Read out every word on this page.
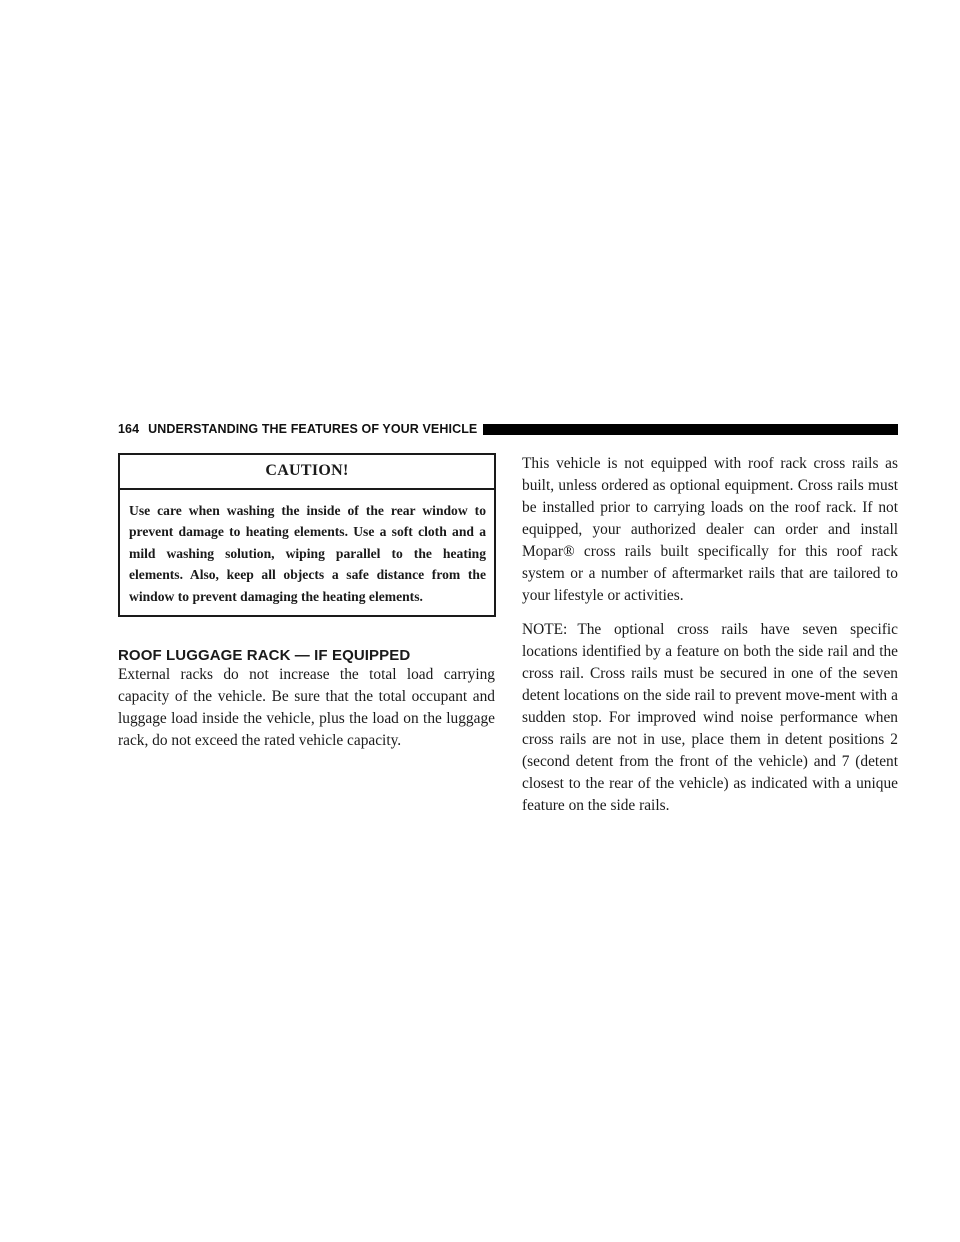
164 UNDERSTANDING THE FEATURES OF YOUR VEHICLE
CAUTION!

Use care when washing the inside of the rear window to prevent damage to heating elements. Use a soft cloth and a mild washing solution, wiping parallel to the heating elements. Also, keep all objects a safe distance from the window to prevent damaging the heating elements.

ROOF LUGGAGE RACK — IF EQUIPPED

External racks do not increase the total load carrying capacity of the vehicle. Be sure that the total occupant and luggage load inside the vehicle, plus the load on the luggage rack, do not exceed the rated vehicle capacity.

This vehicle is not equipped with roof rack cross rails as built, unless ordered as optional equipment. Cross rails must be installed prior to carrying loads on the roof rack. If not equipped, your authorized dealer can order and install Mopar® cross rails built specifically for this roof rack system or a number of aftermarket rails that are tailored to your lifestyle or activities.

NOTE: The optional cross rails have seven specific locations identified by a feature on both the side rail and the cross rail. Cross rails must be secured in one of the seven detent locations on the side rail to prevent move-ment with a sudden stop. For improved wind noise performance when cross rails are not in use, place them in detent positions 2 (second detent from the front of the vehicle) and 7 (detent closest to the rear of the vehicle) as indicated with a unique feature on the side rails.
